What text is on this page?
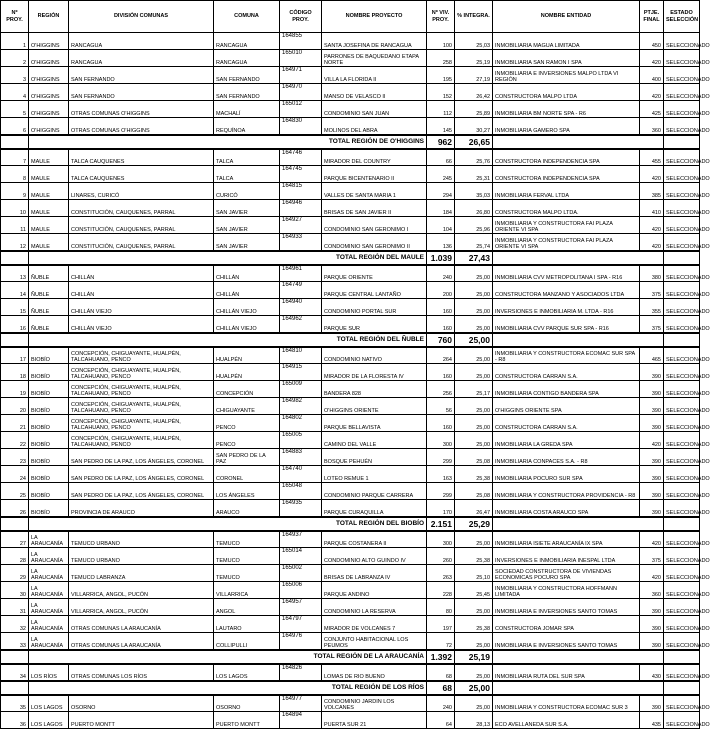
Nº PROY.	REGIÓN	DIVISIÓN COMUNAS	COMUNA	CÓDIGO PROY.	NOMBRE PROYECTO	Nº VIV. PROY.	% INTEGRA.	NOMBRE ENTIDAD	PTJE. FINAL	ESTADO SELECCIÓN
1	O'HIGGINS	RANCAGUA	RANCAGUA	164855	SANTA JOSEFINA DE RANCAGUA	100	25,03	INMOBILIARIA MAGUA LIMITADA	450	SELECCIONADO
2	O'HIGGINS	RANCAGUA	RANCAGUA	165010	PARRONES DE BAQUEDANO ETAPA NORTE	258	25,19	INMOBILIARIA SAN RAMON I SPA	420	SELECCIONADO
3	O'HIGGINS	SAN FERNANDO	SAN FERNANDO	164971	VILLA LA FLORIDA II	195	27,19	INMOBILIARIA E INVERSIONES MALPO LTDA VI REGIÓN	400	SELECCIONADO
4	O'HIGGINS	SAN FERNANDO	SAN FERNANDO	164970	MANSO DE VELASCO II	152	26,42	CONSTRUCTORA MALPO LTDA	420	SELECCIONADO
5	O'HIGGINS	OTRAS COMUNAS O'HIGGINS	MACHALÍ	165012	CONDOMINIO SAN JUAN	112	25,89	INMOBILIARIA BM NORTE SPA - R6	425	SELECCIONADO
6	O'HIGGINS	OTRAS COMUNAS O'HIGGINS	REQUÍNOA	164830	MOLINOS DEL ABRA	145	30,27	INMOBILIARIA GAMERO SPA	360	SELECCIONADO
	TOTAL REGIÓN DE O'HIGGINS					962	26,65			
7	MAULE	TALCA CAUQUENES	TALCA	164746	MIRADOR DEL COUNTRY	66	25,76	CONSTRUCTORA INDEPENDENCIA SPA	455	SELECCIONADO
8	MAULE	TALCA CAUQUENES	TALCA	164745	PARQUE BICENTENARIO II	245	25,31	CONSTRUCTORA INDEPENDENCIA SPA	420	SELECCIONADO
9	MAULE	LINARES, CURICÓ	CURICÓ	164815	VALLES DE SANTA MARIA 1	294	35,03	INMOBILIARIA FERVAL LTDA	385	SELECCIONADO
10	MAULE	CONSTITUCIÓN, CAUQUENES, PARRAL	SAN JAVIER	164946	BRISAS DE SAN JAVIER II	184	26,80	CONSTRUCTORA MALPO LTDA.	410	SELECCIONADO
11	MAULE	CONSTITUCIÓN, CAUQUENES, PARRAL	SAN JAVIER	164927	CONDOMINIO SAN GERONIMO I	104	25,96	INMOBILIARIA Y CONSTRUCTORA FAI PLAZA ORIENTE VI SPA	420	SELECCIONADO
12	MAULE	CONSTITUCIÓN, CAUQUENES, PARRAL	SAN JAVIER	164933	CONDOMINIO SAN GERONIMO II	136	25,74	INMOBILIARIA Y CONSTRUCTORA FAI PLAZA ORIENTE VI SPA	420	SELECCIONADO
	TOTAL REGIÓN DEL MAULE					1.039	27,43			
13	ÑUBLE	CHILLÁN	CHILLÁN	164961	PARQUE ORIENTE	240	25,00	INMOBILIARIA CVV METROPOLITANA I SPA - R16	380	SELECCIONADO
14	ÑUBLE	CHILLÁN	CHILLÁN	164749	PARQUE CENTRAL LANTAÑO	200	25,00	CONSTRUCTORA MANZANO Y ASOCIADOS LTDA	375	SELECCIONADO
15	ÑUBLE	CHILLÁN VIEJO	CHILLÁN VIEJO	164940	CONDOMINIO PORTAL SUR	160	25,00	INVERSIONES E INMOBILIARIA M. LTDA - R16	355	SELECCIONADO
16	ÑUBLE	CHILLÁN VIEJO	CHILLÁN VIEJO	164962	PARQUE SUR	160	25,00	INMOBILIARIA CVV PARQUE SUR SPA - R16	375	SELECCIONADO
	TOTAL REGIÓN DEL ÑUBLE					760	25,00			
17	BIOBÍO	CONCEPCIÓN, CHIGUAYANTE, HUALPÉN, TALCAHUANO, PENCO	HUALPÉN	164810	CONDOMINIO NATIVO	264	25,00	INMOBILIARIA Y CONSTRUCTORA ECOMAC SUR SPA - R8	465	SELECCIONADO
18	BIOBÍO	CONCEPCIÓN, CHIGUAYANTE, HUALPÉN, TALCAHUANO, PENCO	HUALPÉN	164915	MIRADOR DE LA FLORESTA IV	160	25,00	CONSTRUCTORA CARRAN S.A.	390	SELECCIONADO
19	BIOBÍO	CONCEPCIÓN, CHIGUAYANTE, HUALPÉN, TALCAHUANO, PENCO	CONCEPCIÓN	165009	BANDERA 828	256	25,17	INMOBILIARIA CONTIGO BANDERA SPA	390	SELECCIONADO
20	BIOBÍO	CONCEPCIÓN, CHIGUAYANTE, HUALPÉN, TALCAHUANO, PENCO	CHIGUAYANTE	164982	O'HIGGINS ORIENTE	56	25,00	O'HIGGINS ORIENTE SPA	390	SELECCIONADO
21	BIOBÍO	CONCEPCIÓN, CHIGUAYANTE, HUALPÉN, TALCAHUANO, PENCO	PENCO	164802	PARQUE BELLAVISTA	160	25,00	CONSTRUCTORA CARRAN S.A.	390	SELECCIONADO
22	BIOBÍO	CONCEPCIÓN, CHIGUAYANTE, HUALPÉN, TALCAHUANO, PENCO	PENCO	165005	CAMINO DEL VALLE	300	25,00	INMOBILIARIA LA GREDA SPA	420	SELECCIONADO
23	BIOBÍO	SAN PEDRO DE LA PAZ, LOS ÁNGELES, CORONEL	SAN PEDRO DE LA PAZ	164883	BOSQUE PEHUÉN	299	25,08	INMOBILIARIA CONPACES S.A. - R8	390	SELECCIONADO
24	BIOBÍO	SAN PEDRO DE LA PAZ, LOS ÁNGELES, CORONEL	CORONEL	164740	LOTEO REMUE 1	163	25,38	INMOBILIARIA POCURO SUR SPA	390	SELECCIONADO
25	BIOBÍO	SAN PEDRO DE LA PAZ, LOS ÁNGELES, CORONEL	LOS ÁNGELES	165048	CONDOMINIO PARQUE CARRERA	299	25,08	INMOBILIARIA Y CONSTRUCTORA PROVIDENCIA - R8	390	SELECCIONADO
26	BIOBÍO	PROVINCIA DE ARAUCO	ARAUCO	164935	PARQUE CURAQUILLA	170	26,47	INMOBILIARIA COSTA ARAUCO SPA	390	SELECCIONADO
	TOTAL REGIÓN DEL BIOBÍO					2.151	25,29			
27	LA ARAUCANÍA	TEMUCO URBANO	TEMUCO	164937	PARQUE COSTANERA II	300	25,00	INMOBILIARIA ISIETE ARAUCANÍA IX SPA	420	SELECCIONADO
28	LA ARAUCANÍA	TEMUCO URBANO	TEMUCO	165014	CONDOMINIO ALTO GUINDO IV	260	25,38	INVERSIONES E INMOBILIARIA INESPAL LTDA	375	SELECCIONADO
29	LA ARAUCANÍA	TEMUCO LABRANZA	TEMUCO	165002	BRISAS DE LABRANZA IV	263	25,10	SOCIEDAD CONSTRUCTORA DE VIVIENDAS ECONOMICAS POCURO SPA	420	SELECCIONADO
30	LA ARAUCANÍA	VILLARRICA, ANGOL, PUCÓN	VILLARRICA	165006	PARQUE ANDINO	228	25,45	INMOBILIARIA Y CONSTRUCTORA HOFFMANN LIMITADA	360	SELECCIONADO
31	LA ARAUCANÍA	VILLARRICA, ANGOL, PUCÓN	ANGOL	164957	CONDOMINIO LA RESERVA	80	25,00	INMOBILIARIA E INVERSIONES SANTO TOMAS	390	SELECCIONADO
32	LA ARAUCANÍA	OTRAS COMUNAS LA ARAUCANÍA	LAUTARO	164797	MIRADOR DE VOLCANES 7	197	25,38	CONSTRUCTORA JOMAR SPA	390	SELECCIONADO
33	LA ARAUCANÍA	OTRAS COMUNAS LA ARAUCANÍA	COLLIPULLI	164976	CONJUNTO HABITACIONAL LOS PEUMOS	72	25,00	INMOBILIARIA E INVERSIONES SANTO TOMAS	390	SELECCIONADO
	TOTAL REGIÓN DE LA ARAUCANÍA					1.392	25,19			
34	LOS RÍOS	OTRAS COMUNAS LOS RÍOS	LOS LAGOS	164826	LOMAS DE RIO BUENO	68	25,00	INMOBILIARIA RUTA DEL SUR SPA	430	SELECCIONADO
	TOTAL REGIÓN DE LOS RÍOS					68	25,00			
35	LOS LAGOS	OSORNO	OSORNO	164977	CONDOMINIO JARDIN LOS VOLCANES	240	25,00	INMOBILIARIA Y CONSTRUCTORA ECOMAC SUR 3	390	SELECCIONADO
36	LOS LAGOS	PUERTO MONTT	PUERTO MONTT	164894	PUERTA SUR 21	64	28,13	ECO AVELLANEDA SUR S.A.	435	SELECCIONADO
